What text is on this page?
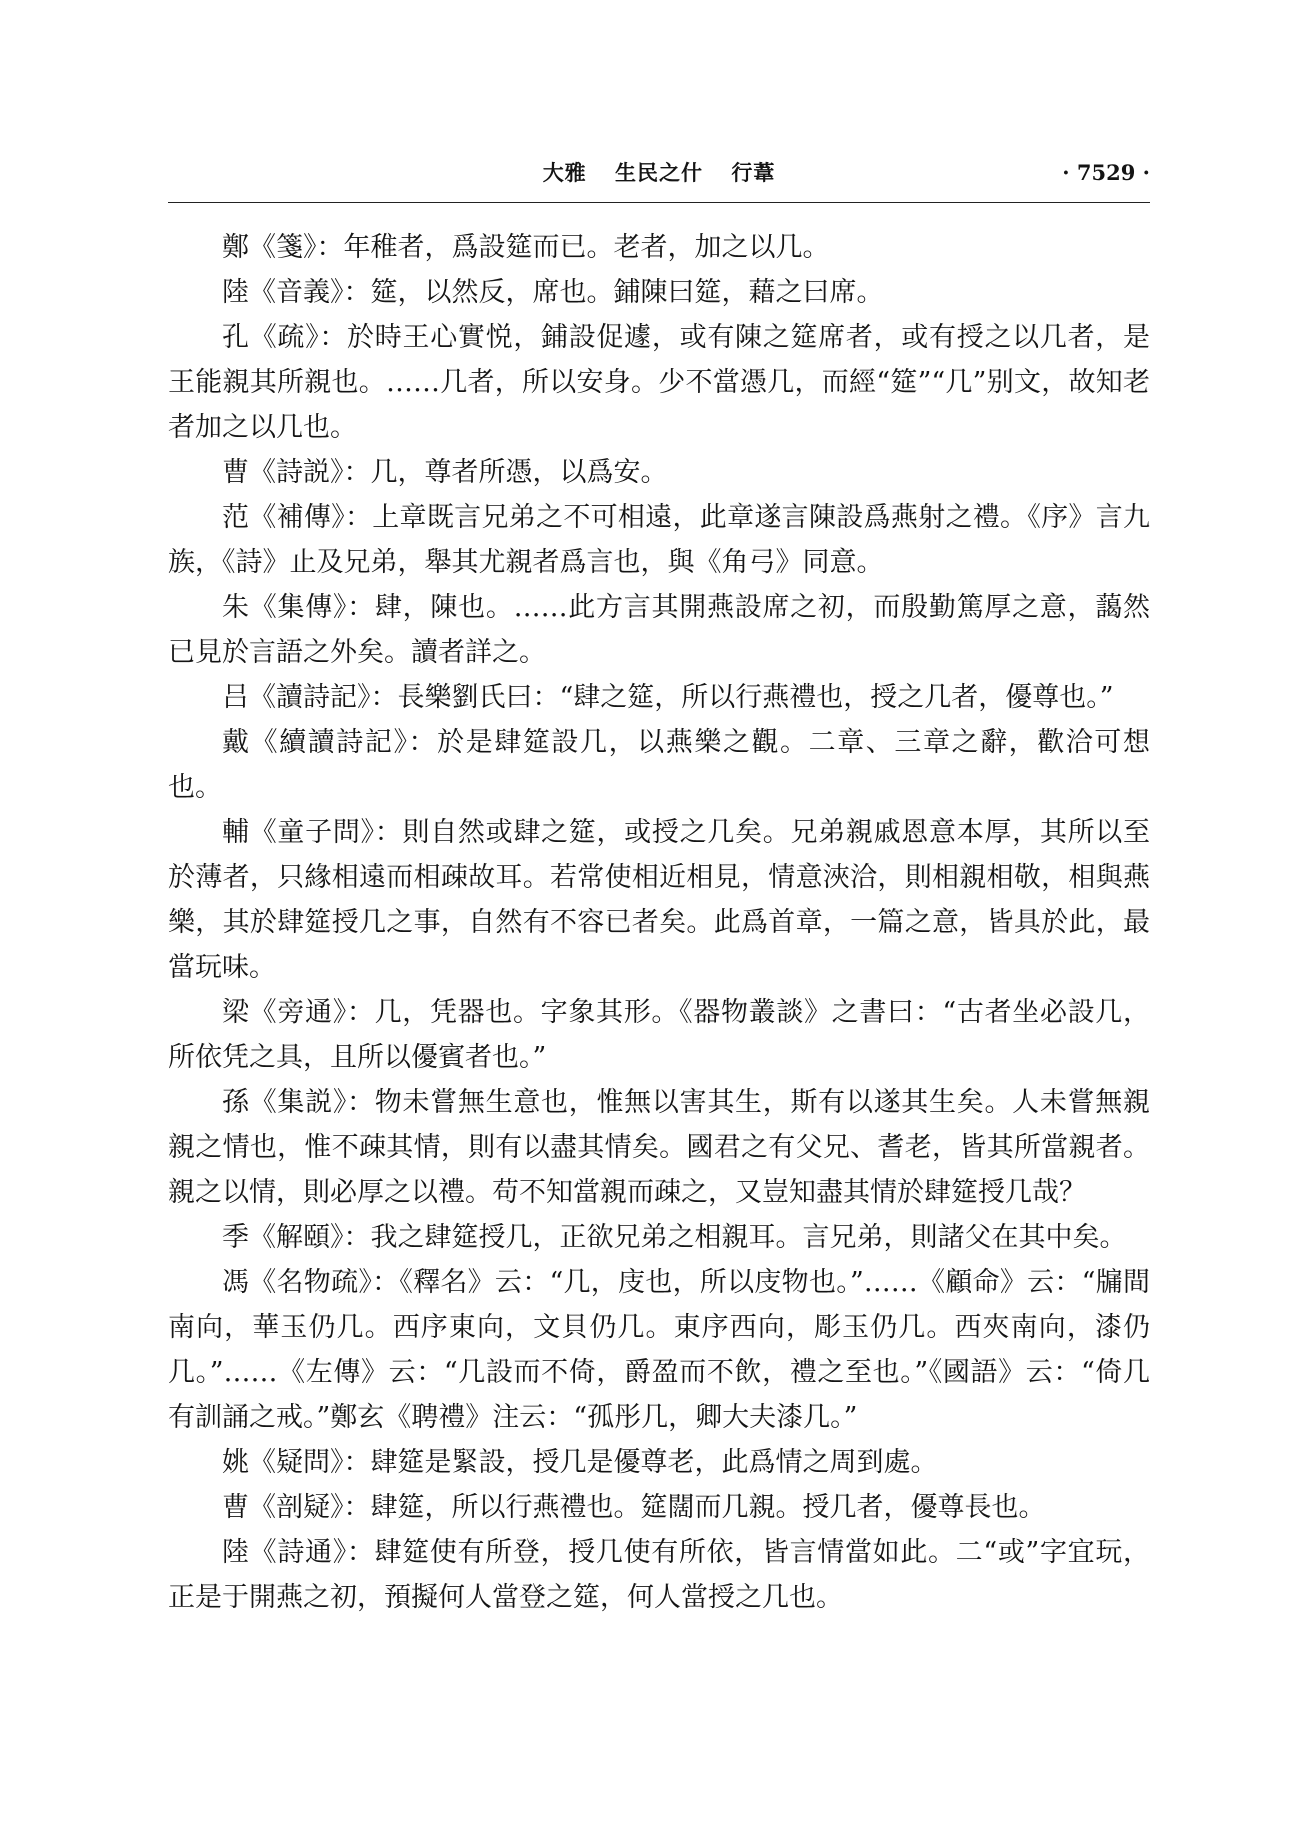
大雅 生民之什 行葦	· 7529 ·

鄭《箋》：年稚者，爲設筵而已。老者，加之以几。

陸《音義》：筵，以然反，席也。鋪陳曰筵，藉之曰席。

孔《疏》：於時王心實悦，鋪設促遽，或有陳之筵席者，或有授之以几者，是王能親其所親也。……几者，所以安身。少不當憑几，而經“筵”“几”别文，故知老者加之以几也。

曹《詩説》：几，尊者所憑，以爲安。

范《補傳》：上章既言兄弟之不可相遠，此章遂言陳設爲燕射之禮。《序》言九族，《詩》止及兄弟，舉其尤親者爲言也，與《角弓》同意。

朱《集傳》：肆，陳也。……此方言其開燕設席之初，而殷勤篤厚之意，藹然已見於言語之外矣。讀者詳之。

吕《讀詩記》：長樂劉氏曰：“肆之筵，所以行燕禮也，授之几者，優尊也。”

戴《續讀詩記》：於是肆筵設几，以燕樂之觀。二章、三章之辭，歡洽可想也。

輔《童子問》：則自然或肆之筵，或授之几矣。兄弟親戚恩意本厚，其所以至於薄者，只緣相遠而相疎故耳。若常使相近相見，情意浹洽，則相親相敬，相與燕樂，其於肆筵授几之事，自然有不容已者矣。此爲首章，一篇之意，皆具於此，最當玩味。

梁《旁通》：几，凭器也。字象其形。《器物叢談》之書曰：“古者坐必設几，所依凭之具，且所以優賓者也。”

孫《集説》：物未嘗無生意也，惟無以害其生，斯有以遂其生矣。人未嘗無親親之情也，惟不疎其情，則有以盡其情矣。國君之有父兄、耆老，皆其所當親者。親之以情，則必厚之以禮。苟不知當親而疎之，又豈知盡其情於肆筵授几哉？

季《解頤》：我之肆筵授几，正欲兄弟之相親耳。言兄弟，則諸父在其中矣。

馮《名物疏》：《釋名》云：“几，庋也，所以庋物也。”……《顧命》云：“牖間南向，華玉仍几。西序東向，文貝仍几。東序西向，彫玉仍几。西夾南向，漆仍几。”……《左傳》云：“几設而不倚，爵盈而不飲，禮之至也。”《國語》云：“倚几有訓誦之戒。”鄭玄《聘禮》注云：“孤彤几，卿大夫漆几。”

姚《疑問》：肆筵是緊設，授几是優尊老，此爲情之周到處。

曹《剖疑》：肆筵，所以行燕禮也。筵闊而几親。授几者，優尊長也。

陸《詩通》：肆筵使有所登，授几使有所依，皆言情當如此。二“或”字宜玩，正是于開燕之初，預擬何人當登之筵，何人當授之几也。
